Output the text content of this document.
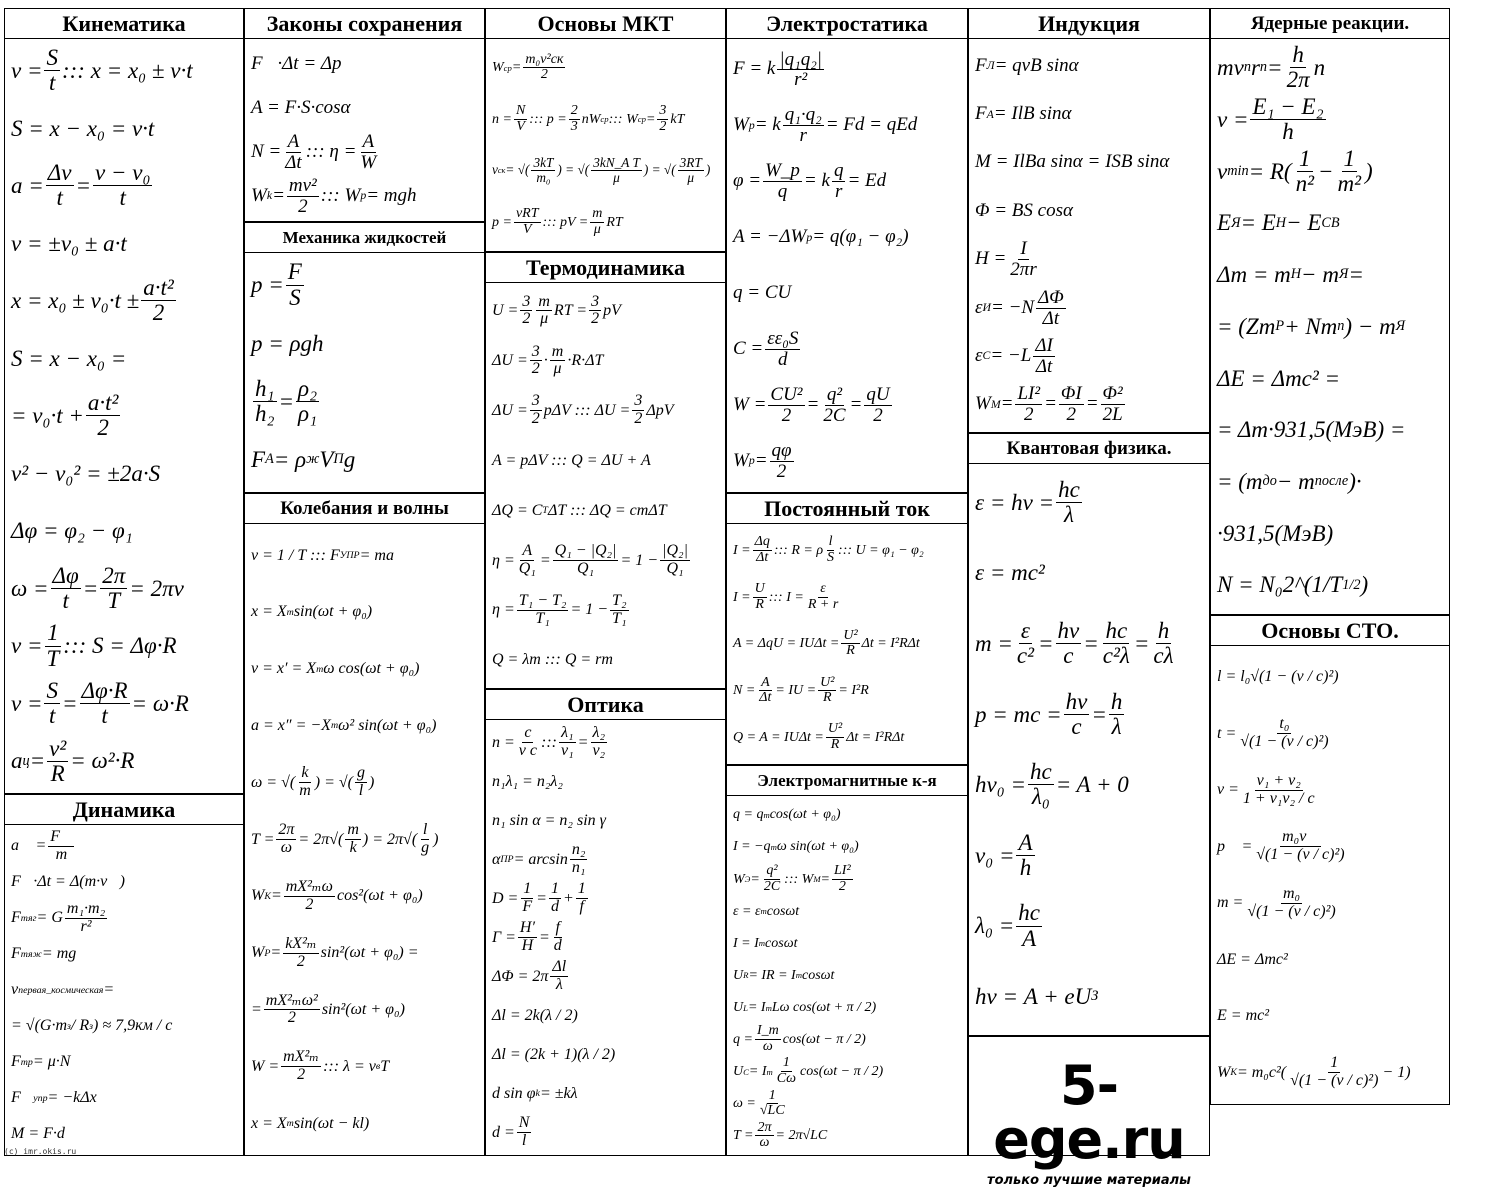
Кинематика
$v = \frac{S}{t}$ ::: x = x₀ ± v·t
S = x − x₀ = v·t
$a = \frac{\Delta v}{t} = \frac{\text{v − v₀}}{t}$
v = ±v₀ ± a·t
$x = x_0 \pm v_0\cdot t \pm \frac{\text{a·t²}}{2}$
S = x − x₀ =
= $v_0\cdot t + \frac{\text{a·t²}}{2}$
v² − v₀² = ±2a·S
Δφ = φ₂ − φ₁
$\omega = \frac{\Delta\varphi}{t} = \frac{2\pi}{T} = 2\pi\nu$
$\nu = \frac{1}{T}$ ::: S = Δφ·R
$v = \frac{S}{t} = \frac{\Delta\varphi\cdot R}{t} = \omega\cdot R$
a $ц = \frac{\text{v²}}{R} = \omega^2\cdot R$
Динамика
a⃗ = $\frac{F⃗}{m}$
F⃗·Δt = Δ(m·v⃗)
F тяг = G $\frac{\text{m₁·m₂}}{\text{r²}}$
F тяж = mg
v первая_космическая =
= √(G·m з / R з ) ≈ 7,9км / с
F тр = μ·N
F⃗ упр = −kΔx⃗
M = F·d
Законы сохранения
F⃗·Δt = Δp⃗
A = F·S·cosα
$N = \frac{A}{\Delta t}$ ::: $\eta = \frac{A}{W}$
W $k = \frac{\text{mv²}}{2}$ ::: W p = mgh
Механика жидкостей
$p = \frac{F}{S}$
p = ρgh
$\frac{\text{h₁}}{\text{h₂}} = \frac{\text{ρ₂}}{\text{ρ₁}}$
F A = ρ ж V П g
Колебания и волны
ν = 1 / T ::: F УПР = ma
x = X m sin(ωt + φ₀)
v = x′ = X m ω cos(ωt + φ₀)
a = x″ = −X m ω² sin(ωt + φ₀)
ω = √( $\frac{k}{m}$ ) = √( $\frac{g}{l}$ )
$T = \frac{2\pi}{\omega} = 2\pi√( \frac{m}{k}$ ) = $2\pi√( \frac{l}{g}$ )
W $K = \frac{\text{mX²ₘω}}{2} \cos^2(\omega t + \varphi_0)$
W $P = \frac{\text{kX²ₘ}}{2} \sin^2(\omega t + \varphi_0)$ =
= $\frac{\text{mX²ₘω²}}{2} \sin^2(\omega t + \varphi_0)$
$W = \frac{\text{mX²ₘ}}{2}$ ::: λ = v в T
x = X m sin(ωt − kl)
Основы МКТ
W ср =
m₀v²ск
2
$n = \frac{N}{V}$ ::: $p = \frac{2}{3}$ nW ср ::: W ср = $\frac{3}{2}$ kT
v ск = √( $\frac{3kT}{\text{m₀}}$ ) = √( $\frac{\text{3kN\_A T}}{\mu}$ ) = √( $\frac{3RT}{\mu}$ )
p =
νRT
V ::: pV = $\frac{m}{\mu}$ RT
Термодинамика
$U = \frac{3}{2} \frac{m}{\mu}$ RT = $\frac{3}{2}$ pV
$\Delta U = \frac{3}{2} \cdot \frac{m}{\mu} \cdot R\cdot\Delta T$
$\Delta U = \frac{3}{2}$ pΔV ::: $\Delta U = \frac{3}{2}$ ΔpV
A = pΔV ::: Q = ΔU + A
ΔQ = C T ΔT ::: ΔQ = cmΔT
$\eta = \frac{A}{\text{Q₁}} = \frac{\text{Q₁ − |Q₂|}}{\text{Q₁}} = 1 - \frac{\text{|Q₂|}}{\text{Q₁}}$
$\eta = \frac{\text{T₁ − T₂}}{\text{T₁}} = 1 - \frac{\text{T₂}}{\text{T₁}}$
Q = λm ::: Q = rm
Оптика
$n = \frac{c}{\text{v c}}$ ::: $\frac{\text{λ₁}}{\text{v₁}} = \frac{\text{λ₂}}{\text{v₂}}$
n₁λ₁ = n₂λ₂
n₁ sin α = n₂ sin γ
α ПР = $\arcsin \frac{\text{n₂}}{\text{n₁}}$
$D = \frac{1}{F} = \frac{1}{d} + \frac{1}{f}$
$\Gamma = \frac{H'}{H} = \frac{f}{d}$
$\Delta\Phi = 2\pi \frac{\Delta l}{\lambda}$
Δl = 2k(λ / 2)
Δl = (2k + 1)(λ / 2)
d sin φ k = ±kλ
$d = \frac{N}{l}$
Электростатика
F = k $\frac{\text{|q₁q₂|}}{\text{r²}}$
W p = k $\frac{\text{q₁·q₂}}{r} = Fd$ = qEd
$\varphi = \frac{W\_p}{q} = k \frac{q}{r} = Ed$
A = −ΔW p = q(φ₁ − φ₂)
q = CU
$C = \frac{\text{εε₀S}}{d}$
$W = \frac{\text{CU²}}{2} = \frac{\text{q²}}{2C} = \frac{qU}{2}$
W $p = \frac{q\varphi}{2}$
Постоянный ток
$I = \frac{\Delta q}{\Delta t}$ ::: R = ρ $\frac{l}{S}$ ::: U = φ₁ − φ₂
$I = \frac{U}{R}$ ::: $I = \frac{\varepsilon}{R + r}$
$A = \Delta qU = IU\Delta t = \frac{\text{U²}}{R}$ Δt = I²RΔt
$N = \frac{A}{\Delta t}$ = IU = $\frac{\text{U²}}{R} = I^2R$
$Q = A = IU\Delta t = \frac{\text{U²}}{R}$ Δt = I²RΔt
Электромагнитные к-я
q = q m cos(ωt + φ₀)
I = −q m ω sin(ωt + φ₀)
W $Э = \frac{\text{q²}}{2C}$ ::: W $M = \frac{\text{LI²}}{2}$
ε = ε m cosωt
I = I m cosωt
U R = IR = I m cosωt
U L = I m Lω cos(ωt + π / 2)
$q = \frac{I\_m}{\omega} \cos(\omega t - \pi / 2)$
U C = I m $\frac{1}{C\omega} \cos(\omega t - \pi / 2)$
$\omega = \frac{1}{√LC}$
$T = \frac{2\pi}{\omega} = 2\pi√LC$
Индукция
F Л = qvB sinα
F A = IlB sinα
M = IlBa sinα = ISB sinα
Φ = BS cosα
$H = \frac{I}{2\pi r}$
ε $И = -N \frac{\Delta\Phi}{\Delta t}$
ε $C = -L \frac{\Delta I}{\Delta t}$
W $M = \frac{\text{LI²}}{2} = \frac{\Phi I}{2} = \frac{\text{Φ²}}{2L}$
Квантовая физика.
$\varepsilon = h\nu = \frac{hc}{\lambda}$
ε = mc²
$m = \frac{\varepsilon}{\text{c²}} = \frac{h\nu}{c} = \frac{hc}{\text{c²λ}} = \frac{h}{c\lambda}$
p = mc = $\frac{h\nu}{c} = \frac{h}{\lambda}$
$h\nu_0 = \frac{hc}{\text{λ₀}} = A + 0$
$\nu_0 = \frac{A}{h}$
$\lambda_0 = \frac{hc}{A}$
hν = A + eU З
Ядерные реакции.
mν n r $n = \frac{h}{2\pi}$ n
$\nu = \frac{\text{E₁ − E₂}}{h}$
ν $\min = R( \frac{1}{\text{n²}} - \frac{1}{\text{m²}}$ )
E Я = E Н − E СВ
Δm = m Н − m Я =
= (Zm P + Nm n ) − m Я
ΔE = Δmc² =
= Δm·931,5(МэВ) =
= (m до − m после )·
·931,5(МэВ)
N = N₀2^(1/T 1/2 )
Основы СТО.
l = l₀√(1 − (v / c)²)
$t = \frac{\text{t₀}}{\text{√(1 − (v / c)²)}}$
$v = \frac{\text{v₁ + v₂}}{\text{1 + v₁v₂ / c}}$
p⃗ = $\frac{\text{m₀v⃗}}{\text{√(1 − (v / c)²)}}$
$m = \frac{\text{m₀}}{\text{√(1 − (v / c)²)}}$
ΔE = Δmc²
E = mc²
W $K = m_0c^2( \frac{1}{\text{√(1 − (v / c)²)}} - 1)$
5-ege.ru
только лучшие материалы
(c) imr.okis.ru
